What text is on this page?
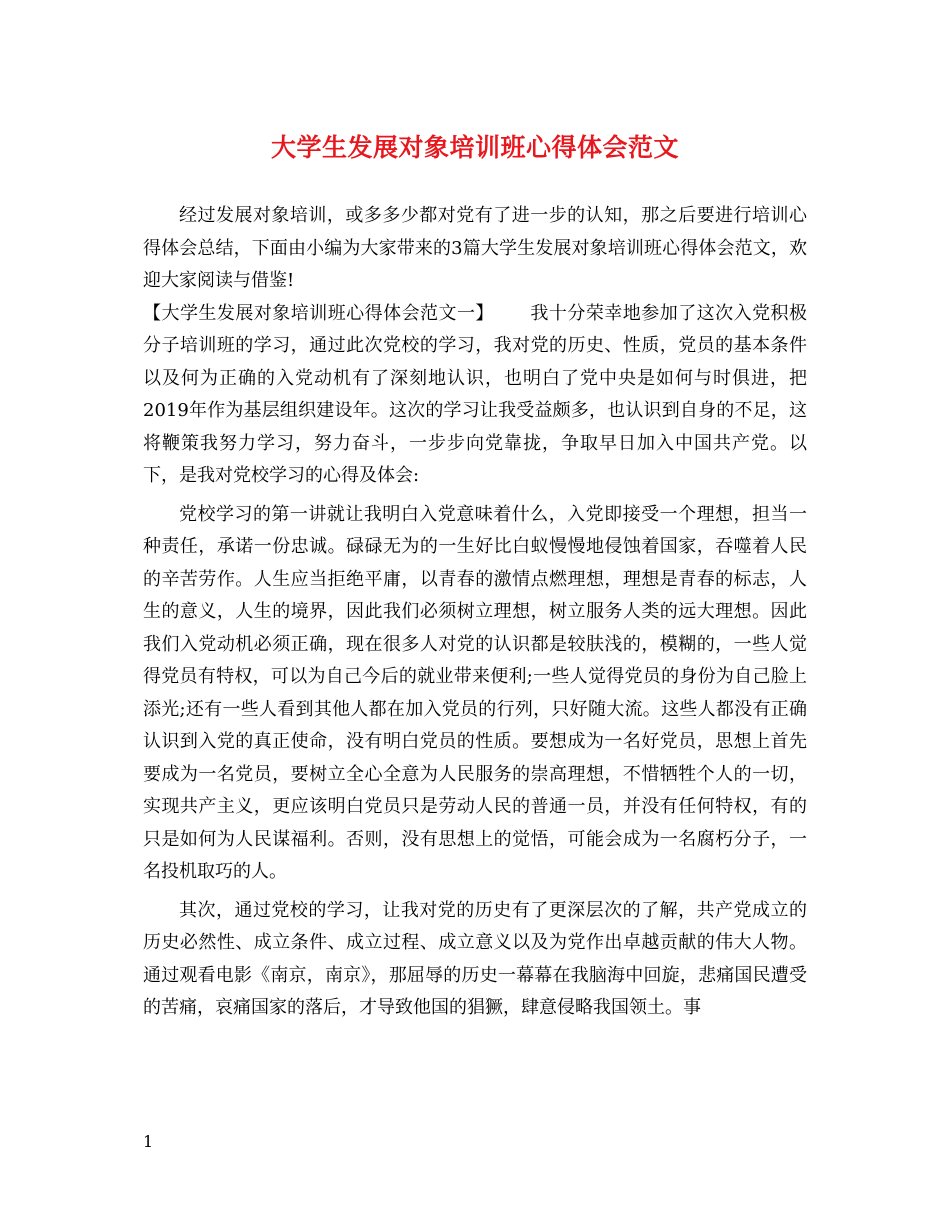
大学生发展对象培训班心得体会范文

经过发展对象培训，或多多少都对党有了进一步的认知，那之后要进行培训心得体会总结，下面由小编为大家带来的3篇大学生发展对象培训班心得体会范文，欢迎大家阅读与借鉴!

【大学生发展对象培训班心得体会范文一】 我十分荣幸地参加了这次入党积极分子培训班的学习，通过此次党校的学习，我对党的历史、性质，党员的基本条件以及何为正确的入党动机有了深刻地认识，也明白了党中央是如何与时俱进，把2019年作为基层组织建设年。这次的学习让我受益颇多，也认识到自身的不足，这将鞭策我努力学习，努力奋斗，一步步向党靠拢，争取早日加入中国共产党。以下，是我对党校学习的心得及体会:

党校学习的第一讲就让我明白入党意味着什么，入党即接受一个理想，担当一种责任，承诺一份忠诚。碌碌无为的一生好比白蚁慢慢地侵蚀着国家，吞噬着人民的辛苦劳作。人生应当拒绝平庸，以青春的激情点燃理想，理想是青春的标志，人生的意义，人生的境界，因此我们必须树立理想，树立服务人类的远大理想。因此我们入党动机必须正确，现在很多人对党的认识都是较肤浅的，模糊的，一些人觉得党员有特权，可以为自己今后的就业带来便利;一些人觉得党员的身份为自己脸上添光;还有一些人看到其他人都在加入党员的行列，只好随大流。这些人都没有正确认识到入党的真正使命，没有明白党员的性质。要想成为一名好党员，思想上首先要成为一名党员，要树立全心全意为人民服务的崇高理想，不惜牺牲个人的一切，实现共产主义，更应该明白党员只是劳动人民的普通一员，并没有任何特权，有的只是如何为人民谋福利。否则，没有思想上的觉悟，可能会成为一名腐朽分子，一名投机取巧的人。

其次，通过党校的学习，让我对党的历史有了更深层次的了解，共产党成立的历史必然性、成立条件、成立过程、成立意义以及为党作出卓越贡献的伟大人物。通过观看电影《南京，南京》，那屈辱的历史一幕幕在我脑海中回旋，悲痛国民遭受的苦痛，哀痛国家的落后，才导致他国的猖獗，肆意侵略我国领土。事

1
